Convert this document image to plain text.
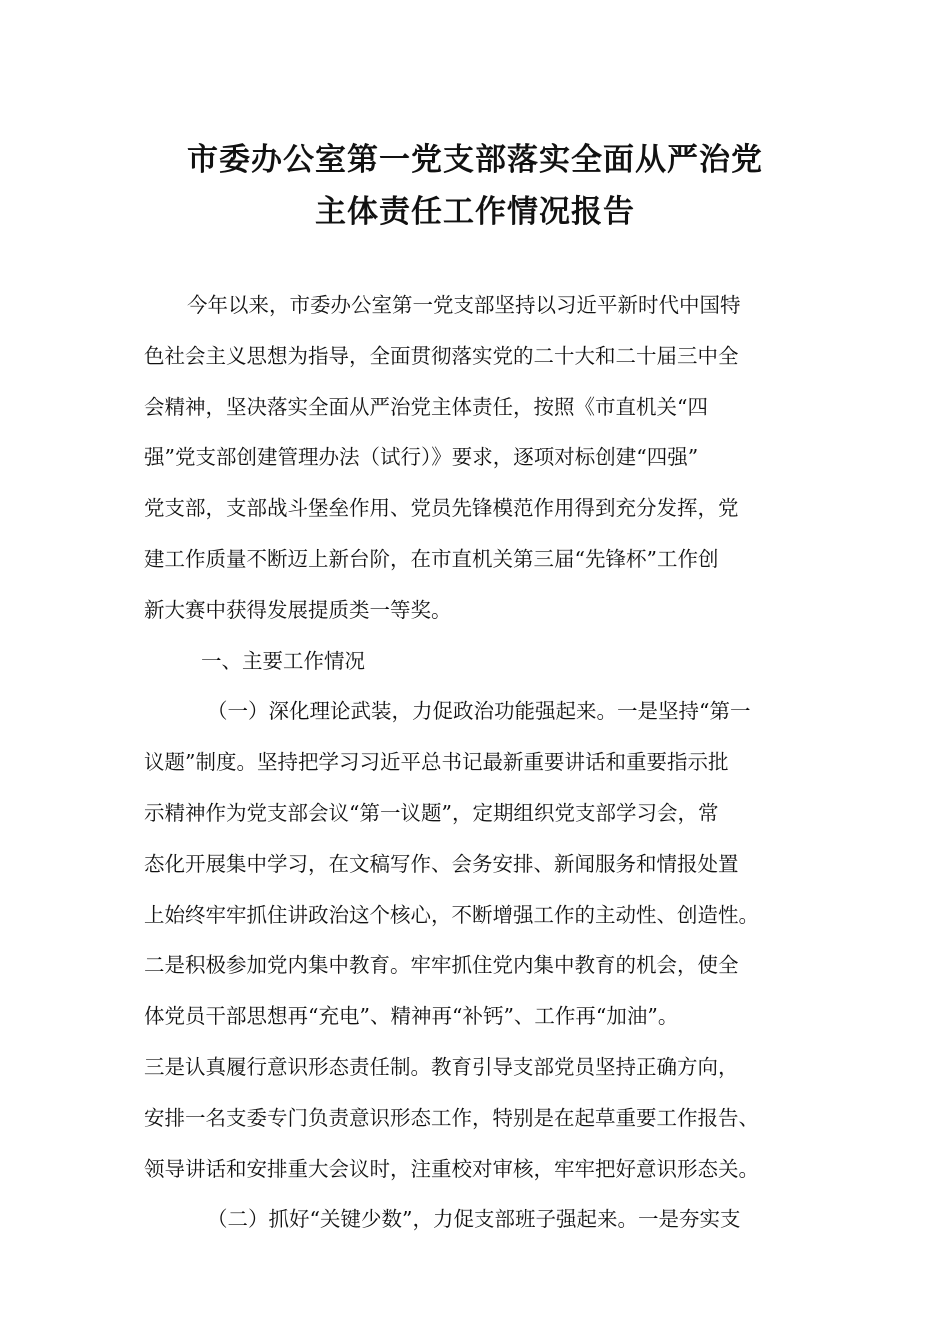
市委办公室第一党支部落实全面从严治党
主体责任工作情况报告
今年以来，市委办公室第一党支部坚持以习近平新时代中国特
色社会主义思想为指导，全面贯彻落实党的二十大和二十届三中全
会精神，坚决落实全面从严治党主体责任，按照《市直机关“四
强”党支部创建管理办法（试行）》要求，逐项对标创建“四强”
党支部，支部战斗堡垒作用、党员先锋模范作用得到充分发挥，党
建工作质量不断迈上新台阶，在市直机关第三届“先锋杯”工作创
新大赛中获得发展提质类一等奖。
一、主要工作情况
（一）深化理论武装，力促政治功能强起来。一是坚持“第一
议题”制度。坚持把学习习近平总书记最新重要讲话和重要指示批
示精神作为党支部会议“第一议题”，定期组织党支部学习会，常
态化开展集中学习，在文稿写作、会务安排、新闻服务和情报处置
上始终牢牢抓住讲政治这个核心，不断增强工作的主动性、创造性。
二是积极参加党内集中教育。牢牢抓住党内集中教育的机会，使全
体党员干部思想再“充电”、精神再“补钙”、工作再“加油”。
三是认真履行意识形态责任制。教育引导支部党员坚持正确方向，
安排一名支委专门负责意识形态工作，特别是在起草重要工作报告、
领导讲话和安排重大会议时，注重校对审核，牢牢把好意识形态关。
（二）抓好“关键少数”，力促支部班子强起来。一是夯实支
